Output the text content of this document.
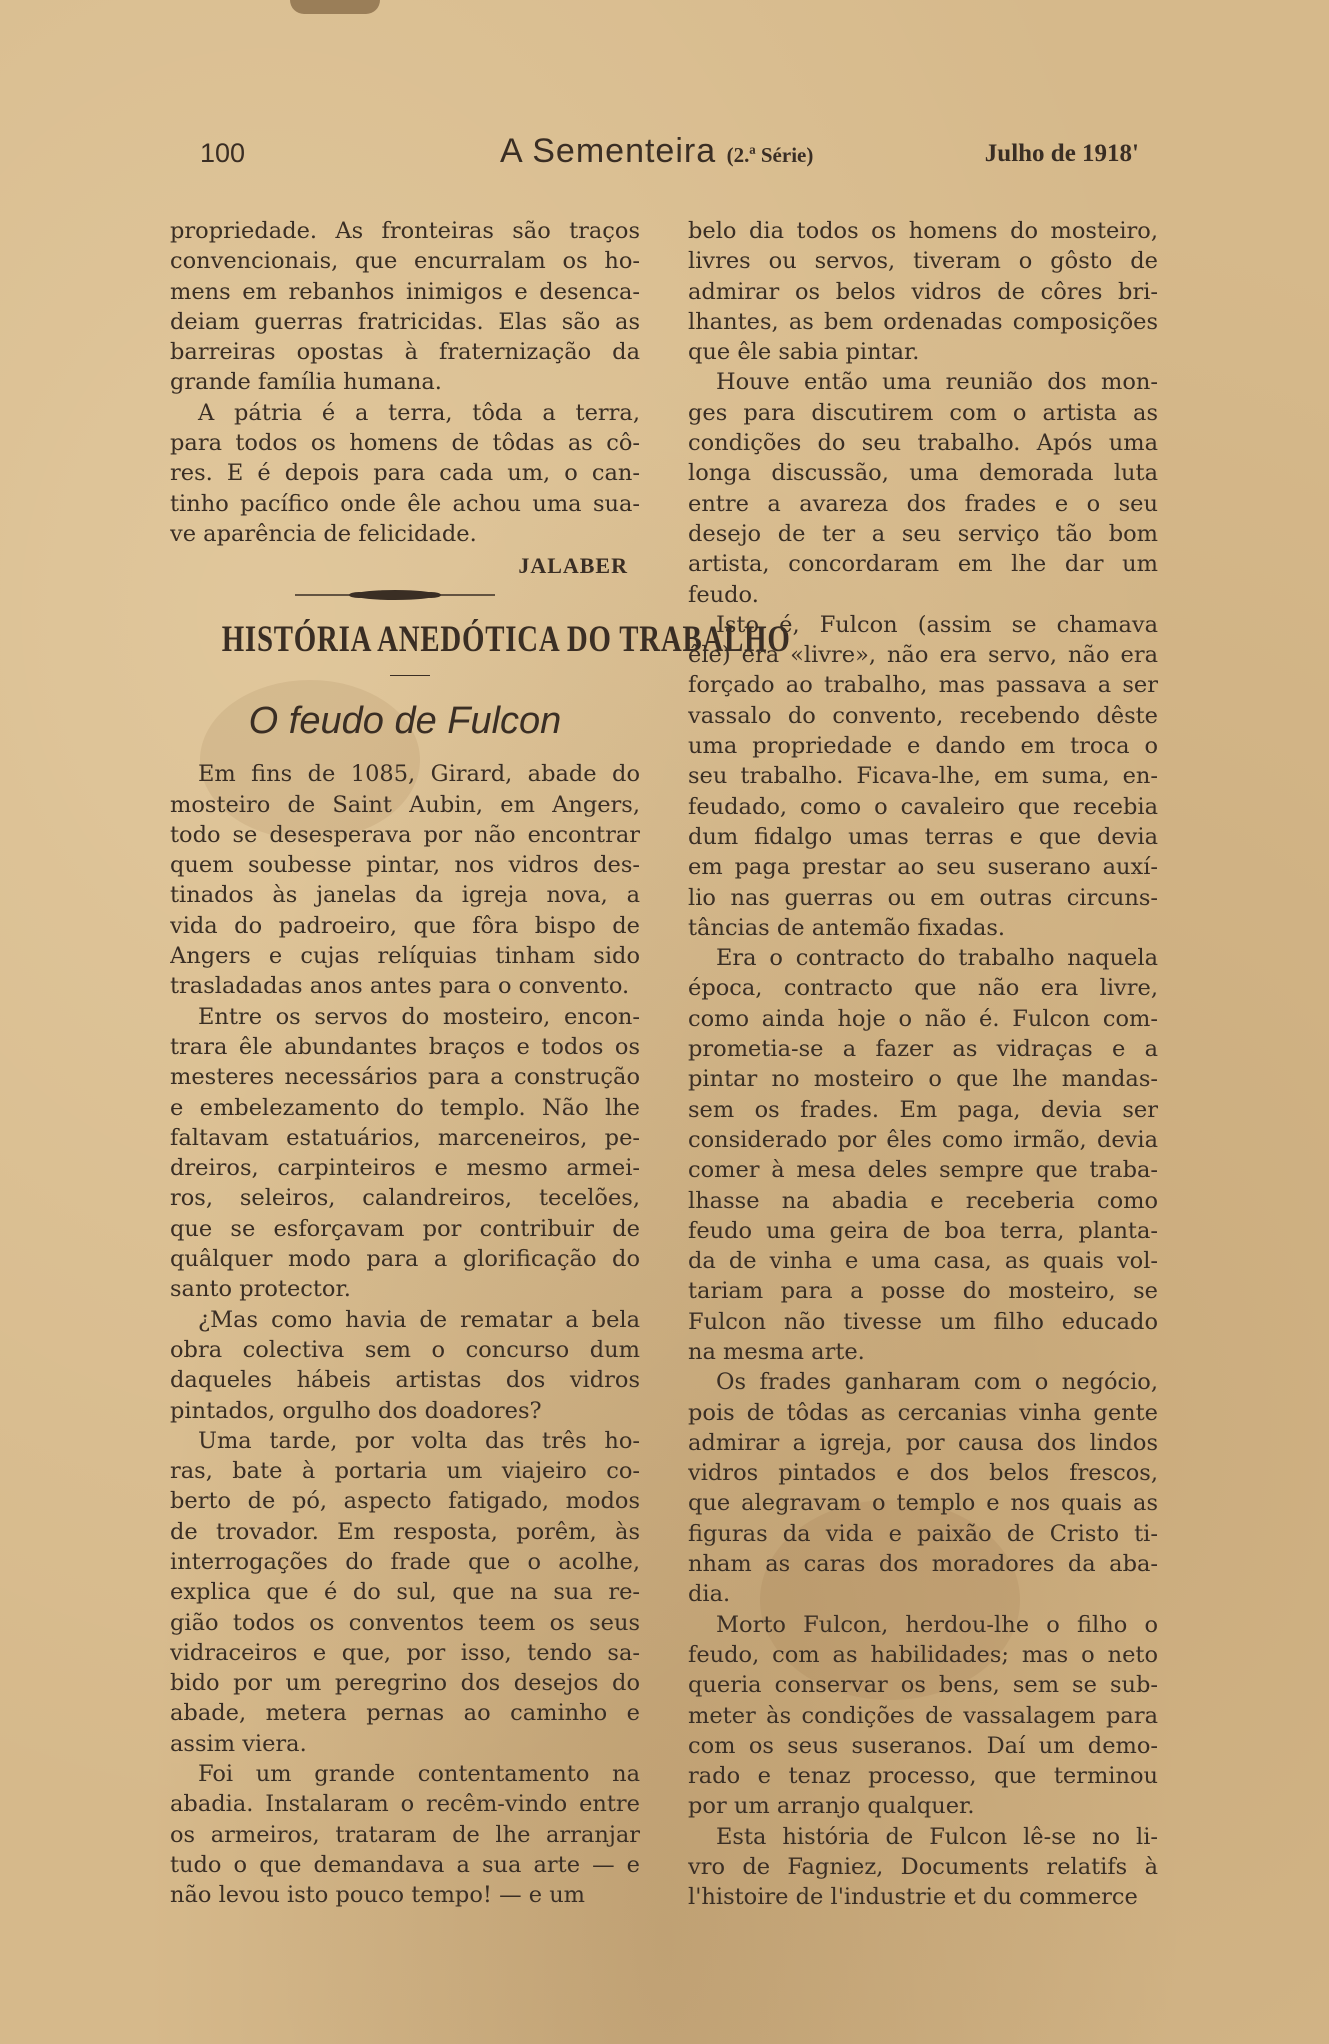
100	A Sementeira (2.ª Série)	Julho de 1918'
propriedade. As fronteiras são traços
convencionais, que encurralam os ho-
mens em rebanhos inimigos e desenca-
deiam guerras fratricidas. Elas são as
barreiras opostas à fraternização da
grande família humana.
A pátria é a terra, tôda a terra,
para todos os homens de tôdas as cô-
res. E é depois para cada um, o can-
tinho pacífico onde êle achou uma sua-
ve aparência de felicidade.
JALABER
HISTÓRIA ANEDÓTICA DO TRABALHO
O feudo de Fulcon
Em fins de 1085, Girard, abade do
mosteiro de Saint Aubin, em Angers,
todo se desesperava por não encontrar
quem soubesse pintar, nos vidros des-
tinados às janelas da igreja nova, a
vida do padroeiro, que fôra bispo de
Angers e cujas relíquias tinham sido
trasladadas anos antes para o convento.
Entre os servos do mosteiro, encon-
trara êle abundantes braços e todos os
mesteres necessários para a construção
e embelezamento do templo. Não lhe
faltavam estatuários, marceneiros, pe-
dreiros, carpinteiros e mesmo armei-
ros, seleiros, calandreiros, tecelões,
que se esforçavam por contribuir de
quâlquer modo para a glorificação do
santo protector.
¿Mas como havia de rematar a bela
obra colectiva sem o concurso dum
daqueles hábeis artistas dos vidros
pintados, orgulho dos doadores?
Uma tarde, por volta das três ho-
ras, bate à portaria um viajeiro co-
berto de pó, aspecto fatigado, modos
de trovador. Em resposta, porêm, às
interrogações do frade que o acolhe,
explica que é do sul, que na sua re-
gião todos os conventos teem os seus
vidraceiros e que, por isso, tendo sa-
bido por um peregrino dos desejos do
abade, metera pernas ao caminho e
assim viera.
Foi um grande contentamento na
abadia. Instalaram o recêm-vindo entre
os armeiros, trataram de lhe arranjar
tudo o que demandava a sua arte — e
não levou isto pouco tempo! — e um
belo dia todos os homens do mosteiro,
livres ou servos, tiveram o gôsto de
admirar os belos vidros de côres bri-
lhantes, as bem ordenadas composições
que êle sabia pintar.
Houve então uma reunião dos mon-
ges para discutirem com o artista as
condições do seu trabalho. Após uma
longa discussão, uma demorada luta
entre a avareza dos frades e o seu
desejo de ter a seu serviço tão bom
artista, concordaram em lhe dar um
feudo.
Isto é, Fulcon (assim se chamava
êle) era «livre», não era servo, não era
forçado ao trabalho, mas passava a ser
vassalo do convento, recebendo dêste
uma propriedade e dando em troca o
seu trabalho. Ficava-lhe, em suma, en-
feudado, como o cavaleiro que recebia
dum fidalgo umas terras e que devia
em paga prestar ao seu suserano auxí-
lio nas guerras ou em outras circuns-
tâncias de antemão fixadas.
Era o contracto do trabalho naquela
época, contracto que não era livre,
como ainda hoje o não é. Fulcon com-
prometia-se a fazer as vidraças e a
pintar no mosteiro o que lhe mandas-
sem os frades. Em paga, devia ser
considerado por êles como irmão, devia
comer à mesa deles sempre que traba-
lhasse na abadia e receberia como
feudo uma geira de boa terra, planta-
da de vinha e uma casa, as quais vol-
tariam para a posse do mosteiro, se
Fulcon não tivesse um filho educado
na mesma arte.
Os frades ganharam com o negócio,
pois de tôdas as cercanias vinha gente
admirar a igreja, por causa dos lindos
vidros pintados e dos belos frescos,
que alegravam o templo e nos quais as
figuras da vida e paixão de Cristo ti-
nham as caras dos moradores da aba-
dia.
Morto Fulcon, herdou-lhe o filho o
feudo, com as habilidades; mas o neto
queria conservar os bens, sem se sub-
meter às condições de vassalagem para
com os seus suseranos. Daí um demo-
rado e tenaz processo, que terminou
por um arranjo qualquer.
Esta história de Fulcon lê-se no li-
vro de Fagniez, Documents relatifs à
l'histoire de l'industrie et du commerce
